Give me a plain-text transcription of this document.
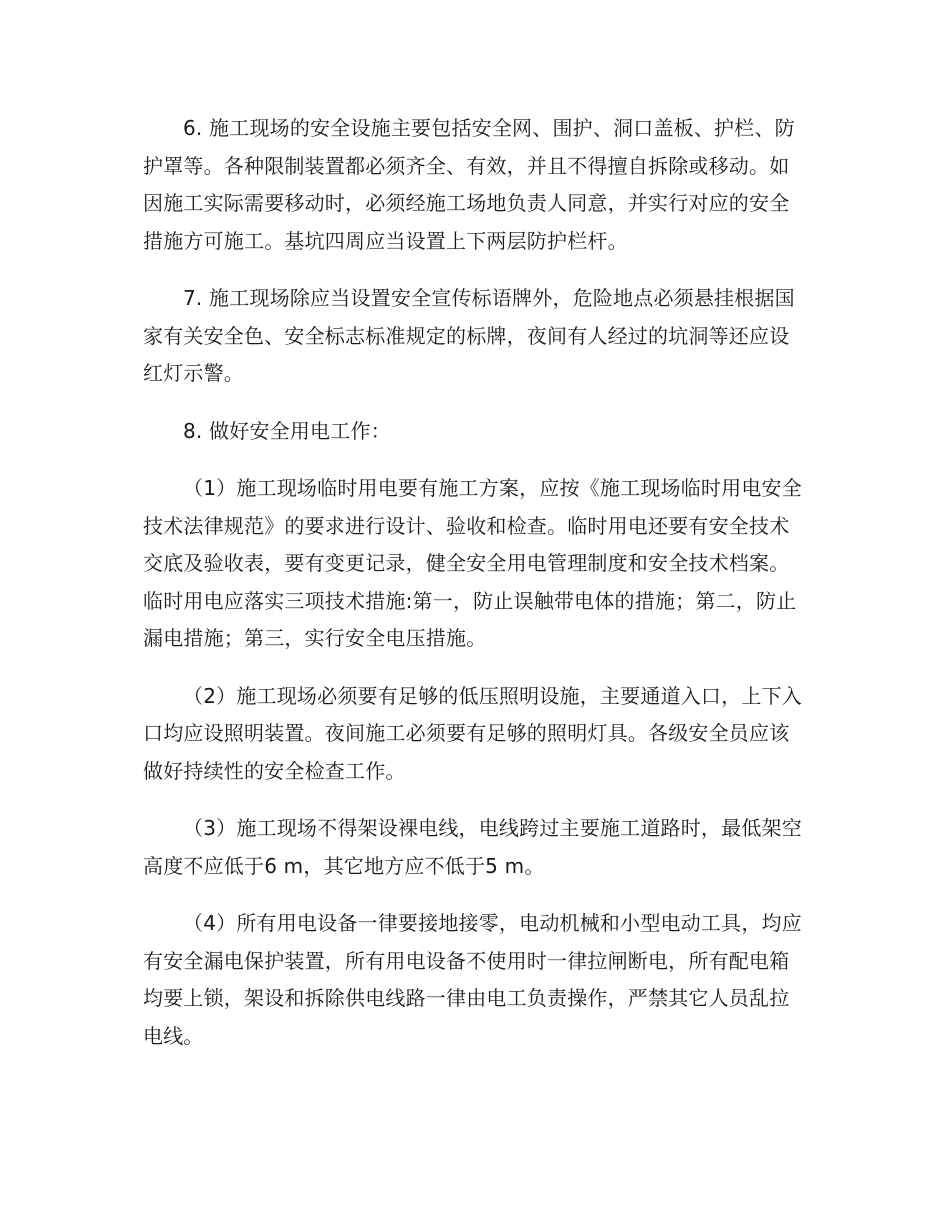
6. 施工现场的安全设施主要包括安全网、围护、洞口盖板、护栏、防护罩等。各种限制装置都必须齐全、有效，并且不得擅自拆除或移动。如因施工实际需要移动时，必须经施工场地负责人同意，并实行对应的安全措施方可施工。基坑四周应当设置上下两层防护栏杆。

7. 施工现场除应当设置安全宣传标语牌外，危险地点必须悬挂根据国家有关安全色、安全标志标准规定的标牌，夜间有人经过的坑洞等还应设红灯示警。

8. 做好安全用电工作：

（1）施工现场临时用电要有施工方案，应按《施工现场临时用电安全技术法律规范》的要求进行设计、验收和检查。临时用电还要有安全技术交底及验收表，要有变更记录，健全安全用电管理制度和安全技术档案。临时用电应落实三项技术措施:第一，防止误触带电体的措施；第二，防止漏电措施；第三，实行安全电压措施。

（2）施工现场必须要有足够的低压照明设施，主要通道入口，上下入口均应设照明装置。夜间施工必须要有足够的照明灯具。各级安全员应该做好持续性的安全检查工作。

（3）施工现场不得架设裸电线，电线跨过主要施工道路时，最低架空高度不应低于6 m，其它地方应不低于5 m。

（4）所有用电设备一律要接地接零，电动机械和小型电动工具，均应有安全漏电保护装置，所有用电设备不使用时一律拉闸断电，所有配电箱均要上锁，架设和拆除供电线路一律由电工负责操作，严禁其它人员乱拉电线。
